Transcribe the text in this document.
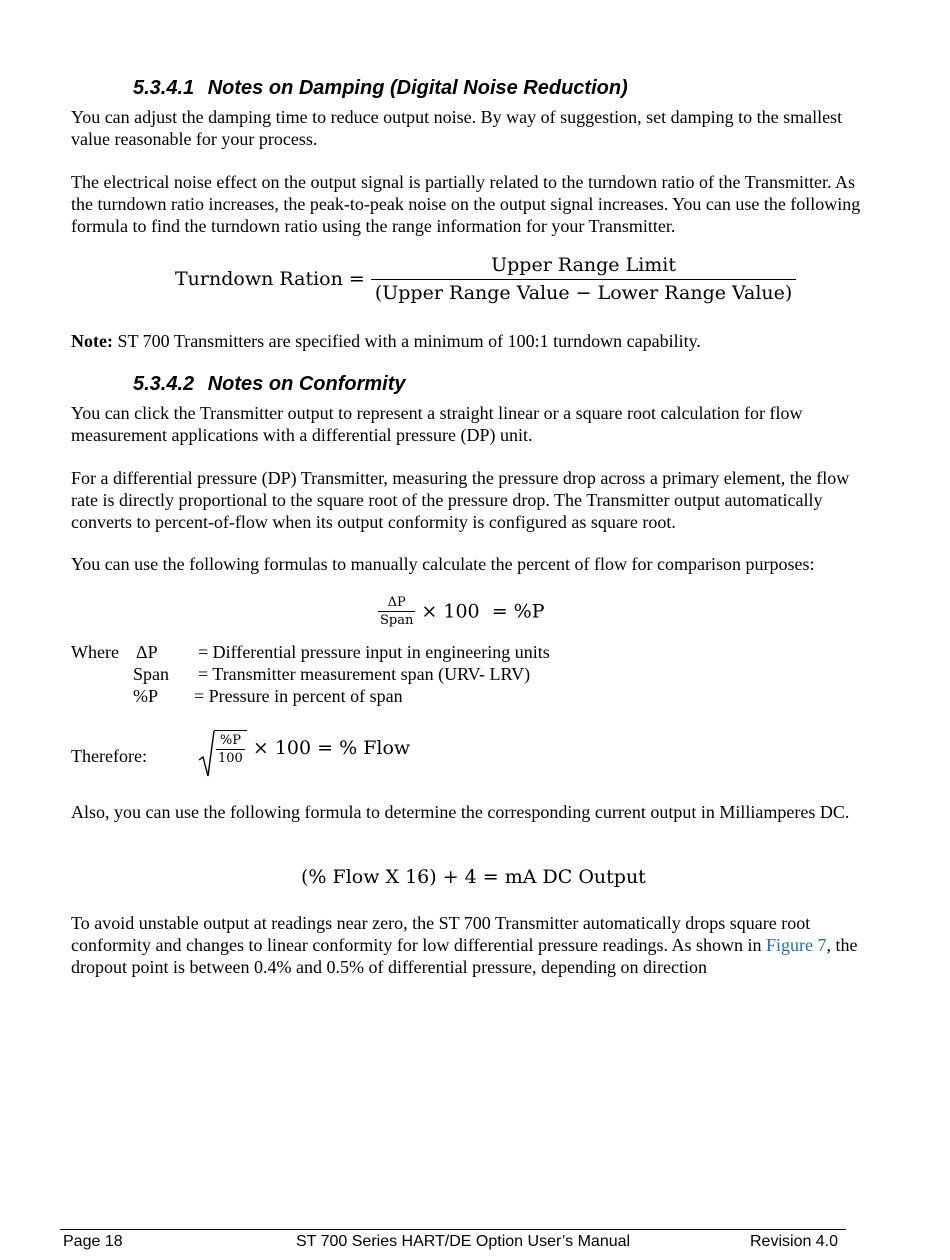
5.3.4.1 Notes on Damping (Digital Noise Reduction)

You can adjust the damping time to reduce output noise. By way of suggestion, set damping to the smallest value reasonable for your process.

The electrical noise effect on the output signal is partially related to the turndown ratio of the Transmitter. As the turndown ratio increases, the peak-to-peak noise on the output signal increases. You can use the following formula to find the turndown ratio using the range information for your Transmitter.

Turndown Ration = $\frac{\text{Upper Range Limit}}{\text{(Upper Range Value − Lower Range Value)}}$

Note: ST 700 Transmitters are specified with a minimum of 100:1 turndown capability.

5.3.4.2 Notes on Conformity

You can click the Transmitter output to represent a straight linear or a square root calculation for flow measurement applications with a differential pressure (DP) unit.

For a differential pressure (DP) Transmitter, measuring the pressure drop across a primary element, the flow rate is directly proportional to the square root of the pressure drop. The Transmitter output automatically converts to percent-of-flow when its output conformity is configured as square root.

You can use the following formulas to manually calculate the percent of flow for comparison purposes:

$\frac{\Delta P}{\text{Span}} \times 100 = \%P$
Where ΔP = Differential pressure input in engineering units
Span = Transmitter measurement span (URV- LRV)
%P = Pressure in percent of span
Therefore:	$\frac{\%P}{100} \times 100$ = % Flow

Also, you can use the following formula to determine the corresponding current output in Milliamperes DC.

(% Flow X 16) + 4 = mA DC Output

To avoid unstable output at readings near zero, the ST 700 Transmitter automatically drops square root conformity and changes to linear conformity for low differential pressure readings. As shown in Figure 7, the dropout point is between 0.4% and 0.5% of differential pressure, depending on direction

Page 18	ST 700 Series HART/DE Option User’s Manual	Revision 4.0
